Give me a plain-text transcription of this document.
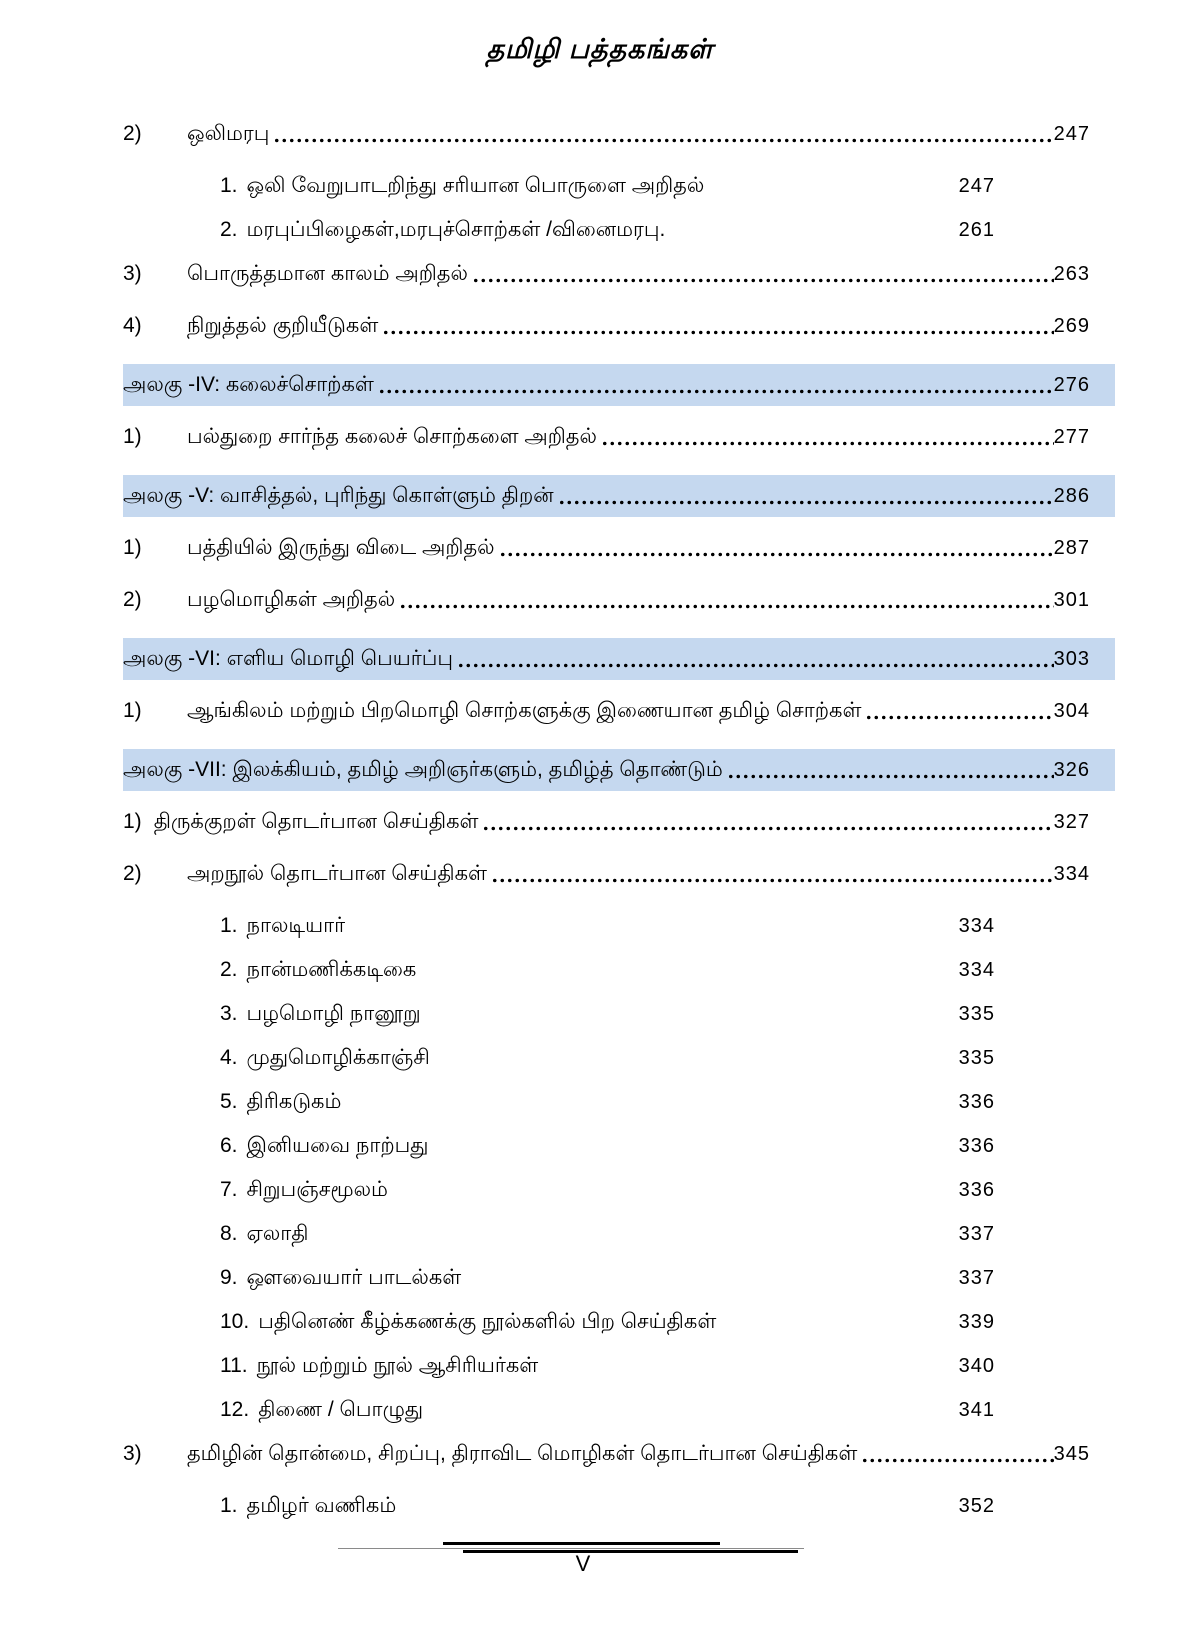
தமிழி பத்தகங்கள்
2)	ஒலிமரபு	247
1. ஒலி வேறுபாடறிந்து சரியான பொருளை அறிதல்	247
2. மரபுப்பிழைகள்,மரபுச்சொற்கள் /வினைமரபு.	261
3)	பொருத்தமான காலம் அறிதல்	263
4)	நிறுத்தல் குறியீடுகள்	269
அலகு -IV: கலைச்சொற்கள்	276
1)	பல்துறை சார்ந்த கலைச் சொற்களை அறிதல்	277
அலகு -V: வாசித்தல், புரிந்து கொள்ளும் திறன்	286
1)	பத்தியில் இருந்து விடை அறிதல்	287
2)	பழமொழிகள் அறிதல்	301
அலகு -VI: எளிய மொழி பெயர்ப்பு	303
1)	ஆங்கிலம் மற்றும் பிறமொழி சொற்களுக்கு இணையான தமிழ் சொற்கள்	304
அலகு -VII: இலக்கியம், தமிழ் அறிஞர்களும், தமிழ்த் தொண்டும்	326
1) திருக்குறள் தொடர்பான செய்திகள்	327
2)	அறநூல் தொடர்பான செய்திகள்	334
1. நாலடியார்	334
2. நான்மணிக்கடிகை	334
3. பழமொழி நானூறு	335
4. முதுமொழிக்காஞ்சி	335
5. திரிகடுகம்	336
6. இனியவை நாற்பது	336
7. சிறுபஞ்சமூலம்	336
8. ஏலாதி	337
9. ஔவையார் பாடல்கள்	337
10. பதினெண் கீழ்க்கணக்கு நூல்களில் பிற செய்திகள்	339
11. நூல் மற்றும் நூல் ஆசிரியர்கள்	340
12. திணை / பொழுது	341
3)	தமிழின் தொன்மை, சிறப்பு, திராவிட மொழிகள் தொடர்பான செய்திகள்	345
1. தமிழர் வணிகம்	352
V
